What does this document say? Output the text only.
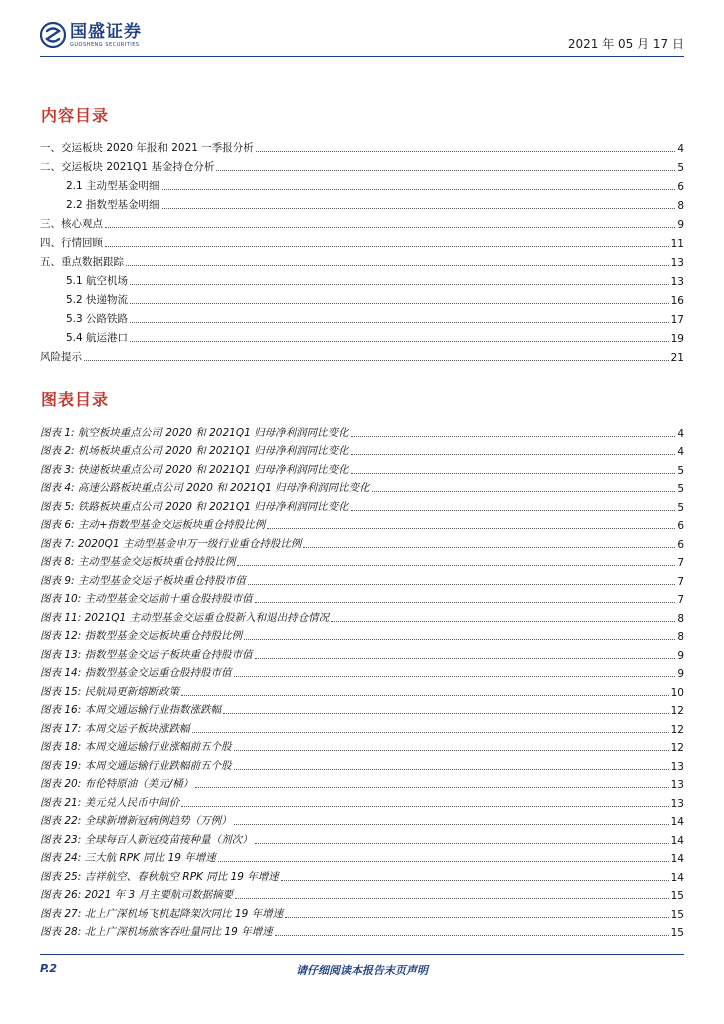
国盛证券
GUOSHENG SECURITIES	2021 年 05 月 17 日
内容目录
一、交运板块 2020 年报和 2021 一季报分析	4
二、交运板块 2021Q1 基金持仓分析	5
2.1 主动型基金明细	6
2.2 指数型基金明细	8
三、核心观点	9
四、行情回顾	11
五、重点数据跟踪	13
5.1 航空机场	13
5.2 快递物流	16
5.3 公路铁路	17
5.4 航运港口	19
风险提示	21
图表目录
图表 1: 航空板块重点公司 2020 和 2021Q1 归母净利润同比变化	4
图表 2: 机场板块重点公司 2020 和 2021Q1 归母净利润同比变化	4
图表 3: 快递板块重点公司 2020 和 2021Q1 归母净利润同比变化	5
图表 4: 高速公路板块重点公司 2020 和 2021Q1 归母净利润同比变化	5
图表 5: 铁路板块重点公司 2020 和 2021Q1 归母净利润同比变化	5
图表 6: 主动+指数型基金交运板块重仓持股比例	6
图表 7: 2020Q1 主动型基金申万一级行业重仓持股比例	6
图表 8: 主动型基金交运板块重仓持股比例	7
图表 9: 主动型基金交运子板块重仓持股市值	7
图表 10: 主动型基金交运前十重仓股持股市值	7
图表 11: 2021Q1 主动型基金交运重仓股新入和退出持仓情况	8
图表 12: 指数型基金交运板块重仓持股比例	8
图表 13: 指数型基金交运子板块重仓持股市值	9
图表 14: 指数型基金交运重仓股持股市值	9
图表 15: 民航局更新熔断政策	10
图表 16: 本周交通运输行业指数涨跌幅	12
图表 17: 本周交运子板块涨跌幅	12
图表 18: 本周交通运输行业涨幅前五个股	12
图表 19: 本周交通运输行业跌幅前五个股	13
图表 20: 布伦特原油（美元/桶）	13
图表 21: 美元兑人民币中间价	13
图表 22: 全球新增新冠病例趋势（万例）	14
图表 23: 全球每百人新冠疫苗接种量（剂次）	14
图表 24: 三大航 RPK 同比 19 年增速	14
图表 25: 吉祥航空、春秋航空 RPK 同比 19 年增速	14
图表 26: 2021 年 3 月主要航司数据摘要	15
图表 27: 北上广深机场飞机起降架次同比 19 年增速	15
图表 28: 北上广深机场旅客吞吐量同比 19 年增速	15
P.2	请仔细阅读本报告末页声明
